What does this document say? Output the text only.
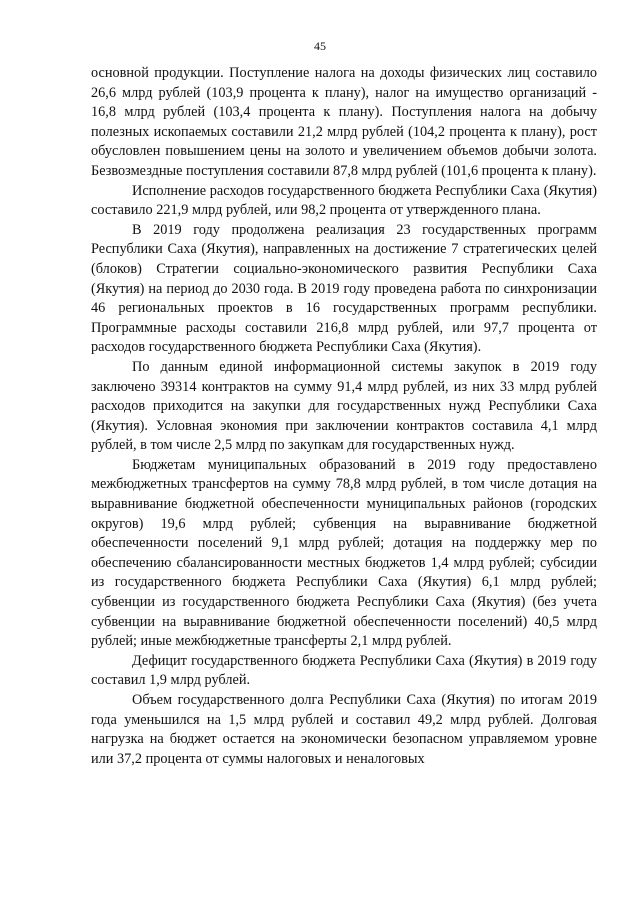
45

основной продукции. Поступление налога на доходы физических лиц составило 26,6 млрд рублей (103,9 процента к плану), налог на имущество организаций - 16,8 млрд рублей (103,4 процента к плану). Поступления налога на добычу полезных ископаемых составили 21,2 млрд рублей (104,2 процента к плану), рост обусловлен повышением цены на золото и увеличением объемов добычи золота. Безвозмездные поступления составили 87,8 млрд рублей (101,6 процента к плану).

Исполнение расходов государственного бюджета Республики Саха (Якутия) составило 221,9 млрд рублей, или 98,2 процента от утвержденного плана.

В 2019 году продолжена реализация 23 государственных программ Республики Саха (Якутия), направленных на достижение 7 стратегических целей (блоков) Стратегии социально-экономического развития Республики Саха (Якутия) на период до 2030 года. В 2019 году проведена работа по синхронизации 46 региональных проектов в 16 государственных программ республики. Программные расходы составили 216,8 млрд рублей, или 97,7 процента от расходов государственного бюджета Республики Саха (Якутия).

По данным единой информационной системы закупок в 2019 году заключено 39314 контрактов на сумму 91,4 млрд рублей, из них 33 млрд рублей расходов приходится на закупки для государственных нужд Республики Саха (Якутия). Условная экономия при заключении контрактов составила 4,1 млрд рублей, в том числе 2,5 млрд по закупкам для государственных нужд.

Бюджетам муниципальных образований в 2019 году предоставлено межбюджетных трансфертов на сумму 78,8 млрд рублей, в том числе дотация на выравнивание бюджетной обеспеченности муниципальных районов (городских округов) 19,6 млрд рублей; субвенция на выравнивание бюджетной обеспеченности поселений 9,1 млрд рублей; дотация на поддержку мер по обеспечению сбалансированности местных бюджетов 1,4 млрд рублей; субсидии из государственного бюджета Республики Саха (Якутия) 6,1 млрд рублей; субвенции из государственного бюджета Республики Саха (Якутия) (без учета субвенции на выравнивание бюджетной обеспеченности поселений) 40,5 млрд рублей; иные межбюджетные трансферты 2,1 млрд рублей.

Дефицит государственного бюджета Республики Саха (Якутия) в 2019 году составил 1,9 млрд рублей.

Объем государственного долга Республики Саха (Якутия) по итогам 2019 года уменьшился на 1,5 млрд рублей и составил 49,2 млрд рублей. Долговая нагрузка на бюджет остается на экономически безопасном управляемом уровне или 37,2 процента от суммы налоговых и неналоговых
